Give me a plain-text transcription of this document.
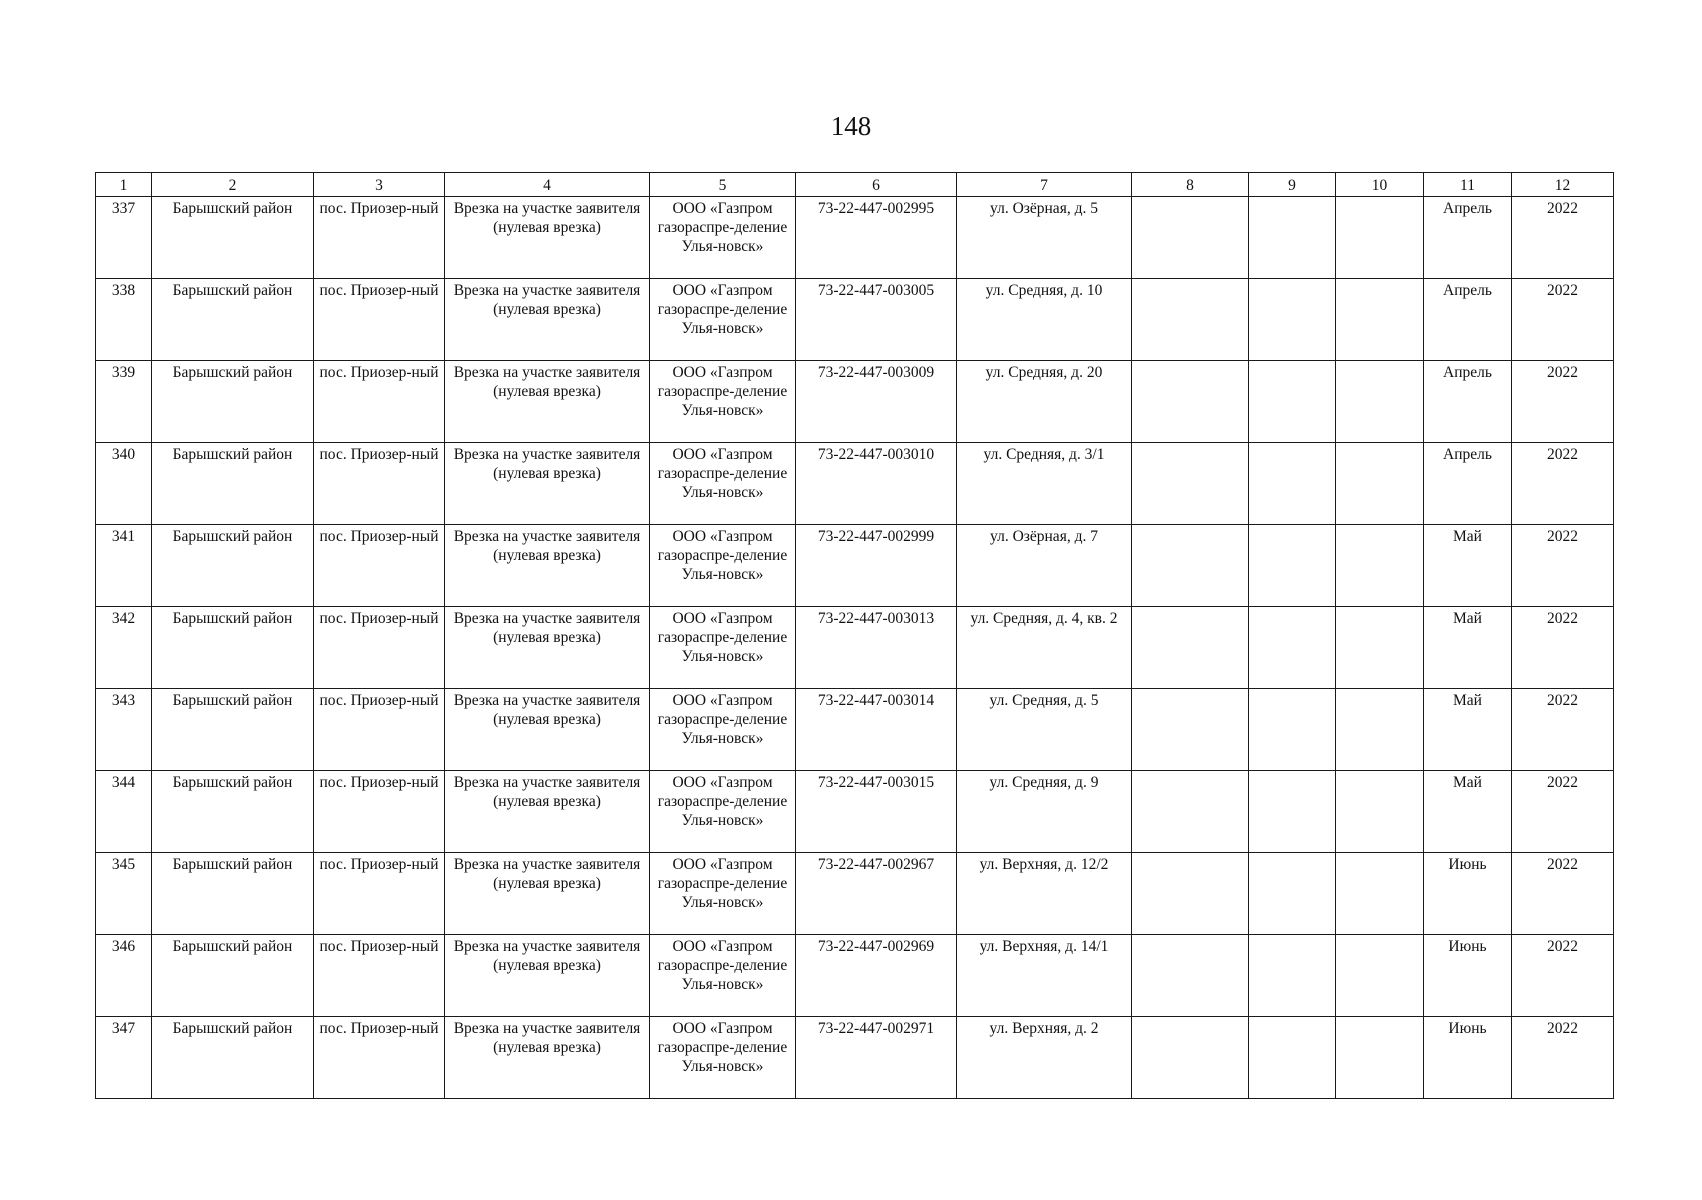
148
1	2	3	4	5	6	7	8	9	10	11	12
337	Барышский район	пос. Приозер-ный	Врезка на участке заявителя (нулевая врезка)	ООО «Газпром газораспре-деление Улья-новск»	73-22-447-002995	ул. Озёрная, д. 5				Апрель	2022
338	Барышский район	пос. Приозер-ный	Врезка на участке заявителя (нулевая врезка)	ООО «Газпром газораспре-деление Улья-новск»	73-22-447-003005	ул. Средняя, д. 10				Апрель	2022
339	Барышский район	пос. Приозер-ный	Врезка на участке заявителя (нулевая врезка)	ООО «Газпром газораспре-деление Улья-новск»	73-22-447-003009	ул. Средняя, д. 20				Апрель	2022
340	Барышский район	пос. Приозер-ный	Врезка на участке заявителя (нулевая врезка)	ООО «Газпром газораспре-деление Улья-новск»	73-22-447-003010	ул. Средняя, д. 3/1				Апрель	2022
341	Барышский район	пос. Приозер-ный	Врезка на участке заявителя (нулевая врезка)	ООО «Газпром газораспре-деление Улья-новск»	73-22-447-002999	ул. Озёрная, д. 7				Май	2022
342	Барышский район	пос. Приозер-ный	Врезка на участке заявителя (нулевая врезка)	ООО «Газпром газораспре-деление Улья-новск»	73-22-447-003013	ул. Средняя, д. 4, кв. 2				Май	2022
343	Барышский район	пос. Приозер-ный	Врезка на участке заявителя (нулевая врезка)	ООО «Газпром газораспре-деление Улья-новск»	73-22-447-003014	ул. Средняя, д. 5				Май	2022
344	Барышский район	пос. Приозер-ный	Врезка на участке заявителя (нулевая врезка)	ООО «Газпром газораспре-деление Улья-новск»	73-22-447-003015	ул. Средняя, д. 9				Май	2022
345	Барышский район	пос. Приозер-ный	Врезка на участке заявителя (нулевая врезка)	ООО «Газпром газораспре-деление Улья-новск»	73-22-447-002967	ул. Верхняя, д. 12/2				Июнь	2022
346	Барышский район	пос. Приозер-ный	Врезка на участке заявителя (нулевая врезка)	ООО «Газпром газораспре-деление Улья-новск»	73-22-447-002969	ул. Верхняя, д. 14/1				Июнь	2022
347	Барышский район	пос. Приозер-ный	Врезка на участке заявителя (нулевая врезка)	ООО «Газпром газораспре-деление Улья-новск»	73-22-447-002971	ул. Верхняя, д. 2				Июнь	2022
